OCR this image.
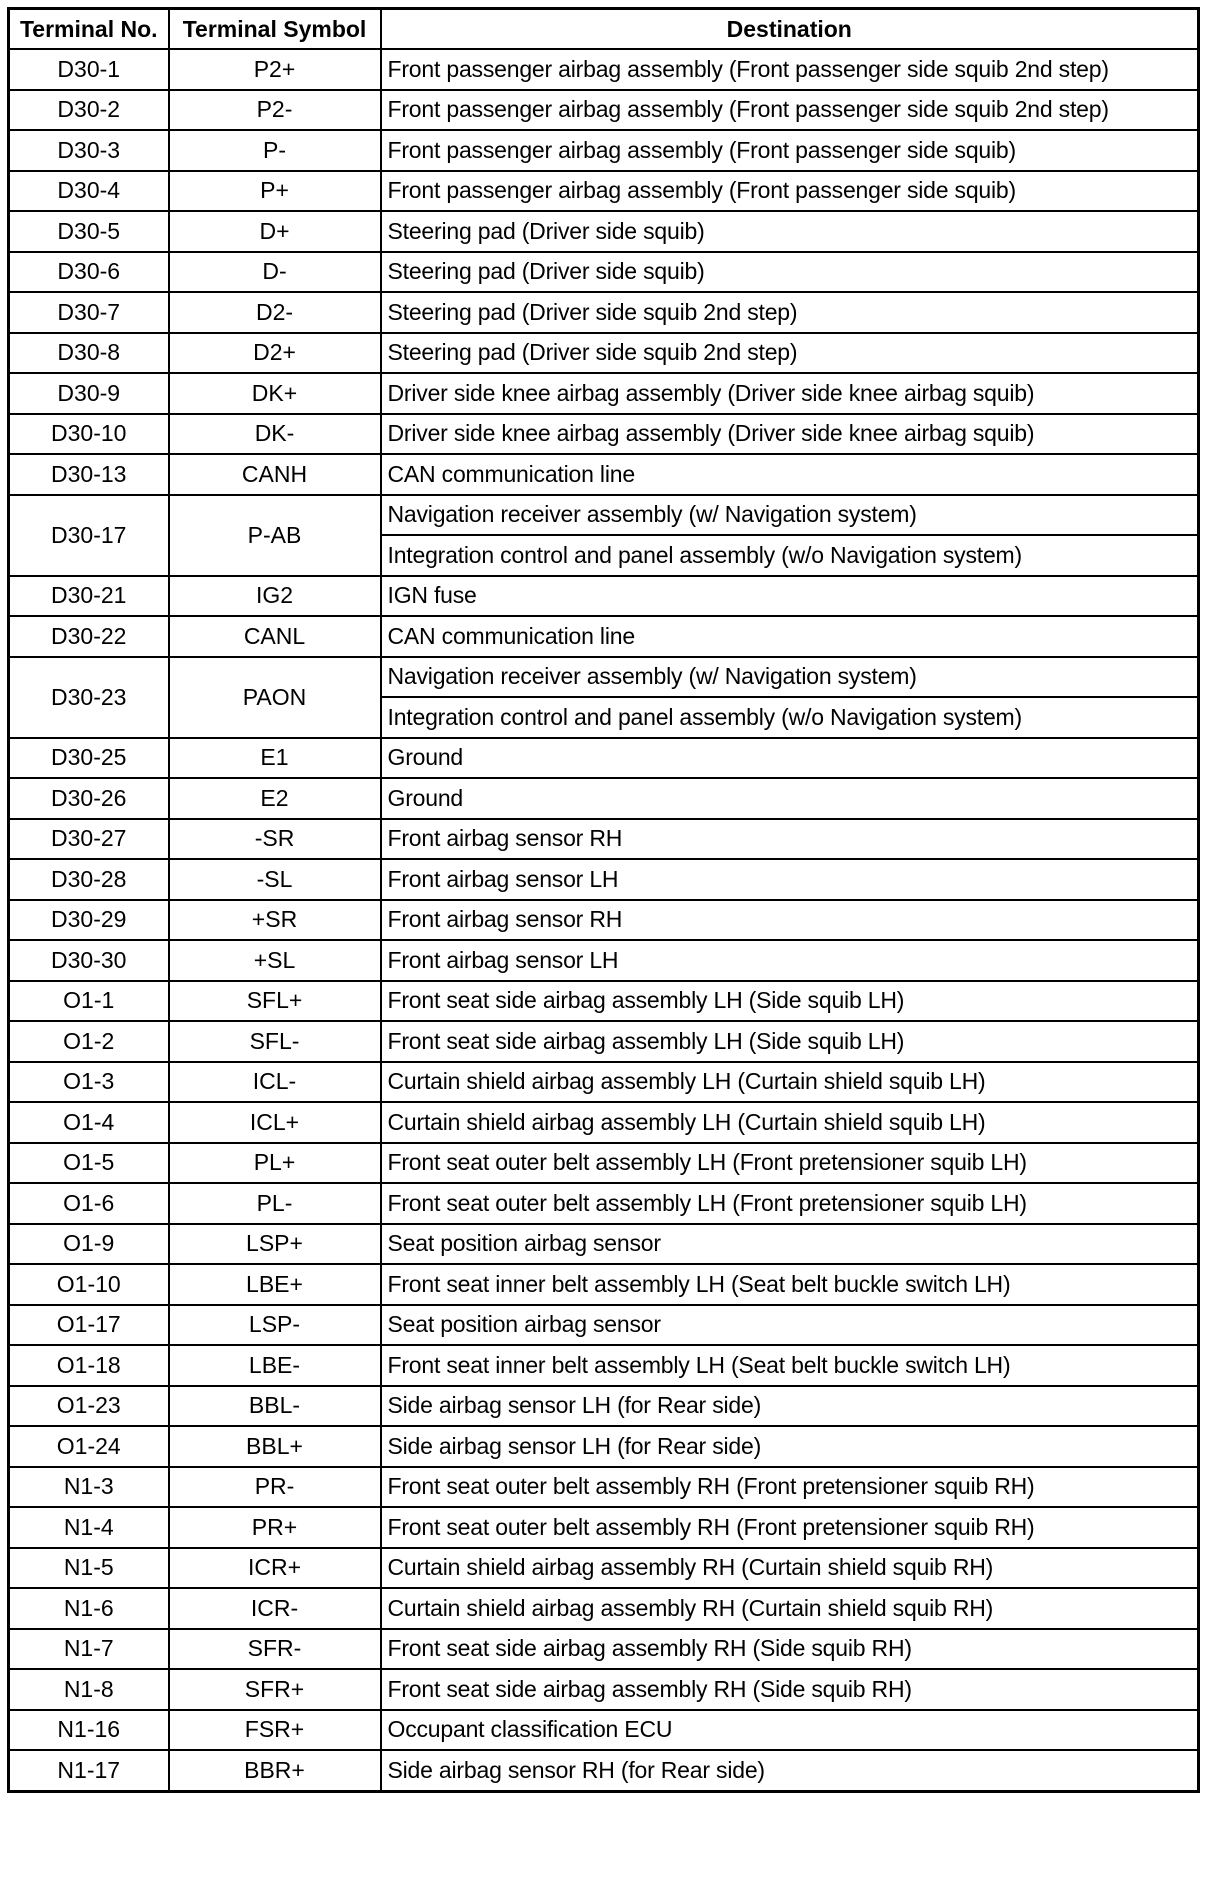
Terminal No.	Terminal Symbol	Destination
D30-1	P2+	Front passenger airbag assembly (Front passenger side squib 2nd step)
D30-2	P2-	Front passenger airbag assembly (Front passenger side squib 2nd step)
D30-3	P-	Front passenger airbag assembly (Front passenger side squib)
D30-4	P+	Front passenger airbag assembly (Front passenger side squib)
D30-5	D+	Steering pad (Driver side squib)
D30-6	D-	Steering pad (Driver side squib)
D30-7	D2-	Steering pad (Driver side squib 2nd step)
D30-8	D2+	Steering pad (Driver side squib 2nd step)
D30-9	DK+	Driver side knee airbag assembly (Driver side knee airbag squib)
D30-10	DK-	Driver side knee airbag assembly (Driver side knee airbag squib)
D30-13	CANH	CAN communication line
D30-17	P-AB	Navigation receiver assembly (w/ Navigation system)
		Integration control and panel assembly (w/o Navigation system)
D30-21	IG2	IGN fuse
D30-22	CANL	CAN communication line
D30-23	PAON	Navigation receiver assembly (w/ Navigation system)
		Integration control and panel assembly (w/o Navigation system)
D30-25	E1	Ground
D30-26	E2	Ground
D30-27	-SR	Front airbag sensor RH
D30-28	-SL	Front airbag sensor LH
D30-29	+SR	Front airbag sensor RH
D30-30	+SL	Front airbag sensor LH
O1-1	SFL+	Front seat side airbag assembly LH (Side squib LH)
O1-2	SFL-	Front seat side airbag assembly LH (Side squib LH)
O1-3	ICL-	Curtain shield airbag assembly LH (Curtain shield squib LH)
O1-4	ICL+	Curtain shield airbag assembly LH (Curtain shield squib LH)
O1-5	PL+	Front seat outer belt assembly LH (Front pretensioner squib LH)
O1-6	PL-	Front seat outer belt assembly LH (Front pretensioner squib LH)
O1-9	LSP+	Seat position airbag sensor
O1-10	LBE+	Front seat inner belt assembly LH (Seat belt buckle switch LH)
O1-17	LSP-	Seat position airbag sensor
O1-18	LBE-	Front seat inner belt assembly LH (Seat belt buckle switch LH)
O1-23	BBL-	Side airbag sensor LH (for Rear side)
O1-24	BBL+	Side airbag sensor LH (for Rear side)
N1-3	PR-	Front seat outer belt assembly RH (Front pretensioner squib RH)
N1-4	PR+	Front seat outer belt assembly RH (Front pretensioner squib RH)
N1-5	ICR+	Curtain shield airbag assembly RH (Curtain shield squib RH)
N1-6	ICR-	Curtain shield airbag assembly RH (Curtain shield squib RH)
N1-7	SFR-	Front seat side airbag assembly RH (Side squib RH)
N1-8	SFR+	Front seat side airbag assembly RH (Side squib RH)
N1-16	FSR+	Occupant classification ECU
N1-17	BBR+	Side airbag sensor RH (for Rear side)
